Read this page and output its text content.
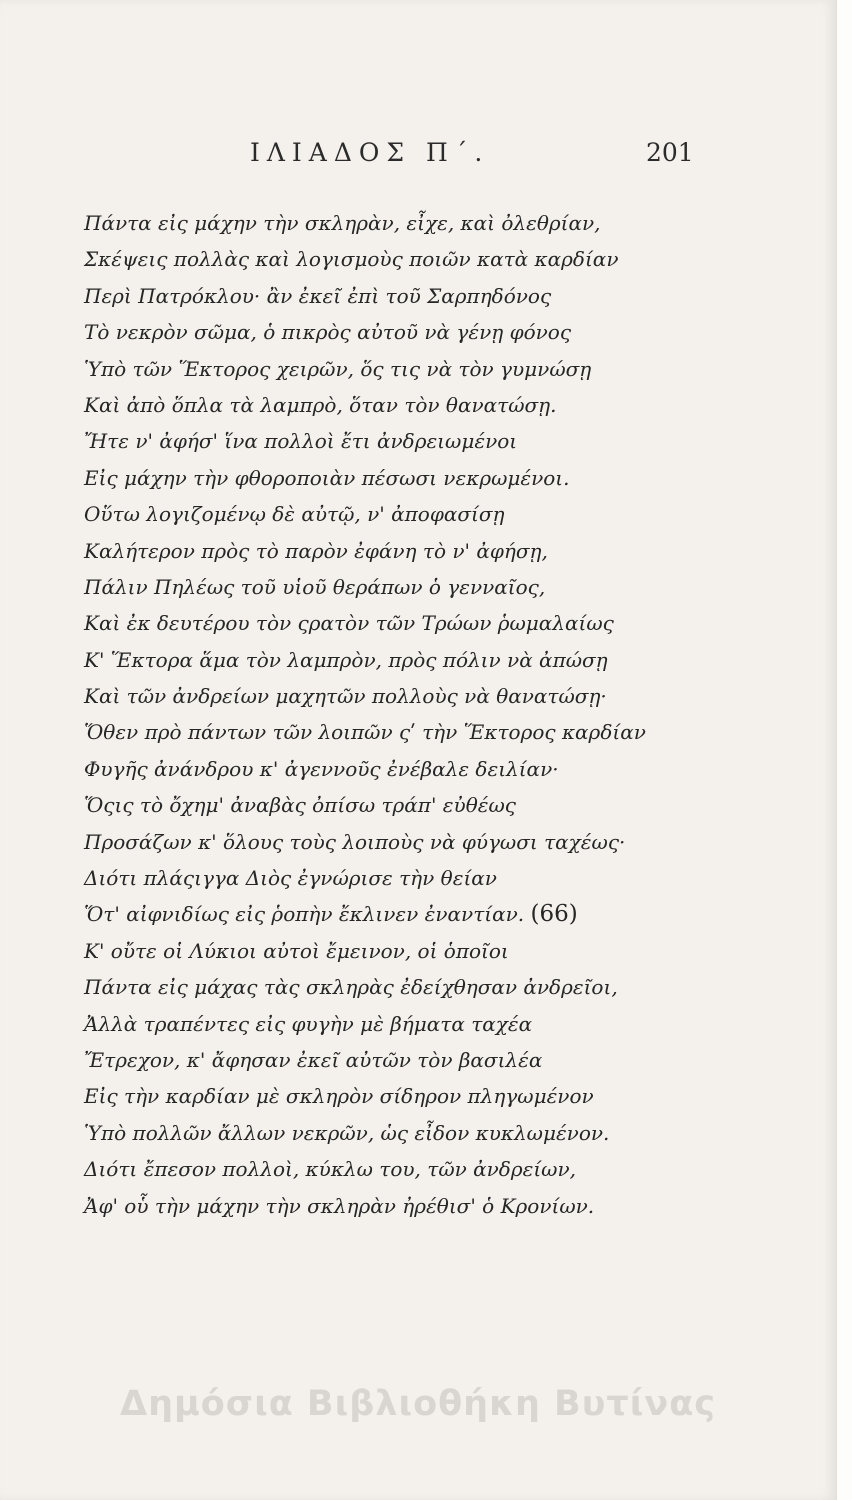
ΙΛΙΑΔΟΣ Π΄.	201
Πάντα εἰς μάχην τὴν σκληρὰν, εἶχε, καὶ ὀλεθρίαν,
Σκέψεις πολλὰς καὶ λογισμοὺς ποιῶν κατὰ καρδίαν
Περὶ Πατρόκλου· ἂν ἐκεῖ ἐπὶ τοῦ Σαρπηδόνος
Τὸ νεκρὸν σῶμα, ὁ πικρὸς αὐτοῦ νὰ γένῃ φόνος
Ὑπὸ τῶν Ἕκτορος χειρῶν, ὅς τις νὰ τὸν γυμνώσῃ
Καὶ ἀπὸ ὅπλα τὰ λαμπρὸ, ὅταν τὸν θανατώσῃ.
Ἤτε ν' ἀφήσ' ἵνα πολλοὶ ἔτι ἀνδρειωμένοι
Εἰς μάχην τὴν φθοροποιὰν πέσωσι νεκρωμένοι.
Οὕτω λογιζομένῳ δὲ αὐτῷ, ν' ἀποφασίσῃ
Καλήτερον πρὸς τὸ παρὸν ἐφάνη τὸ ν' ἀφήσῃ,
Πάλιν Πηλέως τοῦ υἱοῦ θεράπων ὁ γενναῖος,
Καὶ ἐκ δευτέρου τὸν ςρατὸν τῶν Τρώων ῥωμαλαίως
Κ' Ἕκτορα ἅμα τὸν λαμπρὸν, πρὸς πόλιν νὰ ἀπώσῃ
Καὶ τῶν ἀνδρείων μαχητῶν πολλοὺς νὰ θανατώσῃ·
Ὅθεν πρὸ πάντων τῶν λοιπῶν ςʹ τὴν Ἕκτορος καρδίαν
Φυγῆς ἀνάνδρου κ' ἀγεννοῦς ἐνέβαλε δειλίαν·
Ὅςις τὸ ὄχημ' ἀναβὰς ὀπίσω τράπ' εὐθέως
Προσάζων κ' ὅλους τοὺς λοιποὺς νὰ φύγωσι ταχέως·
Διότι πλάςιγγα Διὸς ἐγνώρισε τὴν θείαν
Ὅτ' αἰφνιδίως εἰς ῥοπὴν ἔκλινεν ἐναντίαν. (66)
Κ' οὔτε οἱ Λύκιοι αὐτοὶ ἔμεινον, οἱ ὁποῖοι
Πάντα εἰς μάχας τὰς σκληρὰς ἐδείχθησαν ἀνδρεῖοι,
Ἀλλὰ τραπέντες εἰς φυγὴν μὲ βήματα ταχέα
Ἔτρεχον, κ' ἄφησαν ἐκεῖ αὐτῶν τὸν βασιλέα
Εἰς τὴν καρδίαν μὲ σκληρὸν σίδηρον πληγωμένον
Ὑπὸ πολλῶν ἄλλων νεκρῶν, ὡς εἶδον κυκλωμένον.
Διότι ἔπεσον πολλοὶ, κύκλω του, τῶν ἀνδρείων,
Ἀφ' οὗ τὴν μάχην τὴν σκληρὰν ἠρέθισ' ὁ Κρονίων.
Δημόσια Βιβλιοθήκη Βυτίνας
